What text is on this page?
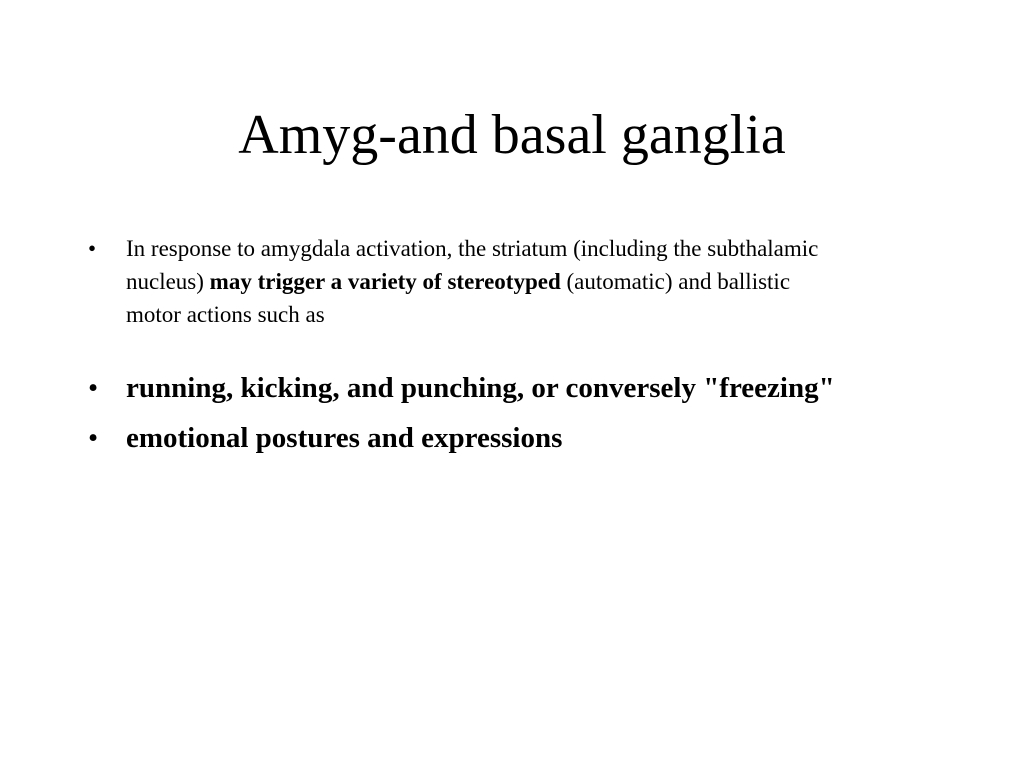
Amyg-and basal ganglia
• In response to amygdala activation, the striatum (including the subthalamic nucleus) may trigger a variety of stereotyped (automatic) and ballistic motor actions such as
• running, kicking, and punching, or conversely "freezing"
• emotional postures and expressions
